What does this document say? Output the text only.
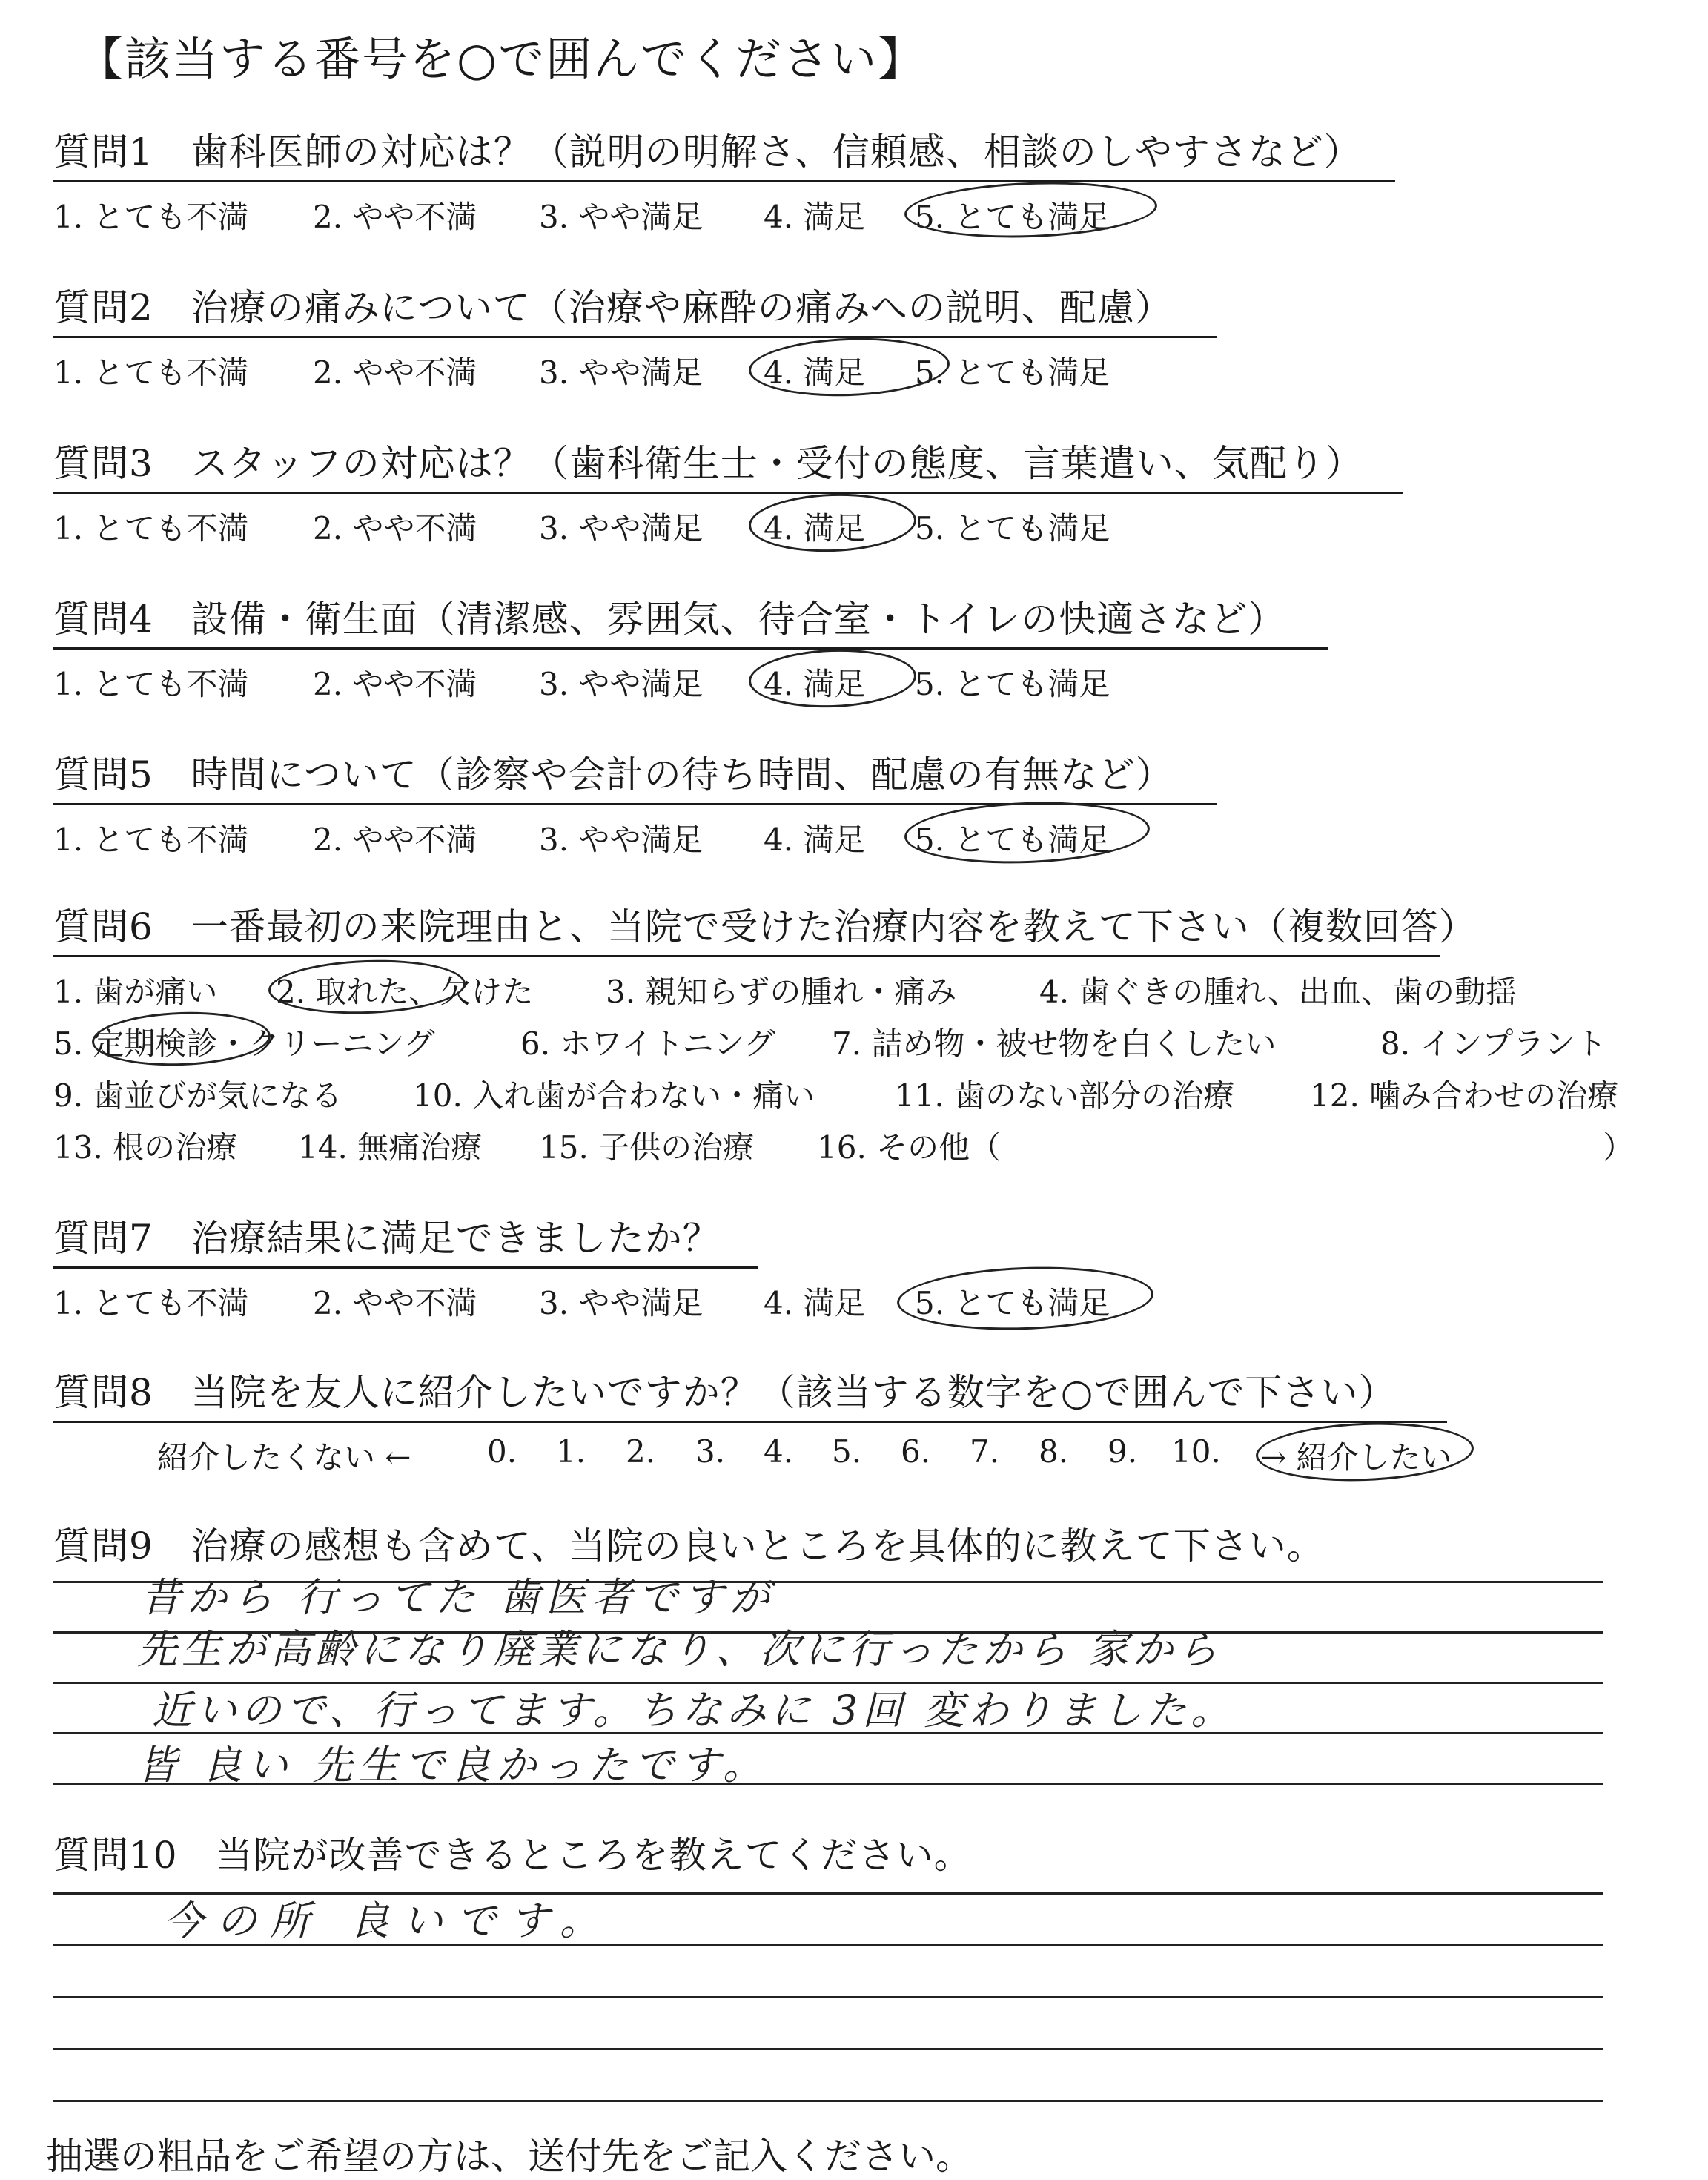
【該当する番号を○で囲んでください】
質問1　歯科医師の対応は？（説明の明解さ、信頼感、相談のしやすさなど）
1. とても不満 2. やや不満 3. やや満足 4. 満足 5. とても満足
質問2　治療の痛みについて（治療や麻酔の痛みへの説明、配慮）
1. とても不満 2. やや不満 3. やや満足 4. 満足 5. とても満足
質問3　スタッフの対応は？（歯科衛生士・受付の態度、言葉遣い、気配り）
1. とても不満 2. やや不満 3. やや満足 4. 満足 5. とても満足
質問4　設備・衛生面（清潔感、雰囲気、待合室・トイレの快適さなど）
1. とても不満 2. やや不満 3. やや満足 4. 満足 5. とても満足
質問5　時間について（診察や会計の待ち時間、配慮の有無など）
1. とても不満 2. やや不満 3. やや満足 4. 満足 5. とても満足
質問6　一番最初の来院理由と、当院で受けた治療内容を教えて下さい（複数回答）
1. 歯が痛い 2. 取れた、欠けた 3. 親知らずの腫れ・痛み	4. 歯ぐきの腫れ、出血、歯の動揺
5. 定期検診・クリーニング	6. ホワイトニング 7. 詰め物・被せ物を白くしたい	8. インプラント
9. 歯並びが気になる 10. 入れ歯が合わない・痛い	11. 歯のない部分の治療 12. 噛み合わせの治療
13. 根の治療 14. 無痛治療 15. 子供の治療 16. その他（	）
質問7　治療結果に満足できましたか？
1. とても不満 2. やや不満 3. やや満足 4. 満足 5. とても満足
質問8　当院を友人に紹介したいですか？（該当する数字を○で囲んで下さい）
紹介したくない ← 0. 1. 2. 3. 4. 5. 6. 7. 8. 9. 10. → 紹介したい
質問9　治療の感想も含めて、当院の良いところを具体的に教えて下さい。
昔から 行ってた 歯医者ですが
先生が高齢になり廃業になり、次に行ったから 家から
近いので、行ってます。ちなみに 3回 変わりました。
皆 良い 先生で良かったです。
質問10　当院が改善できるところを教えてください。
今の所 良いです。
抽選の粗品をご希望の方は、送付先をご記入ください。
